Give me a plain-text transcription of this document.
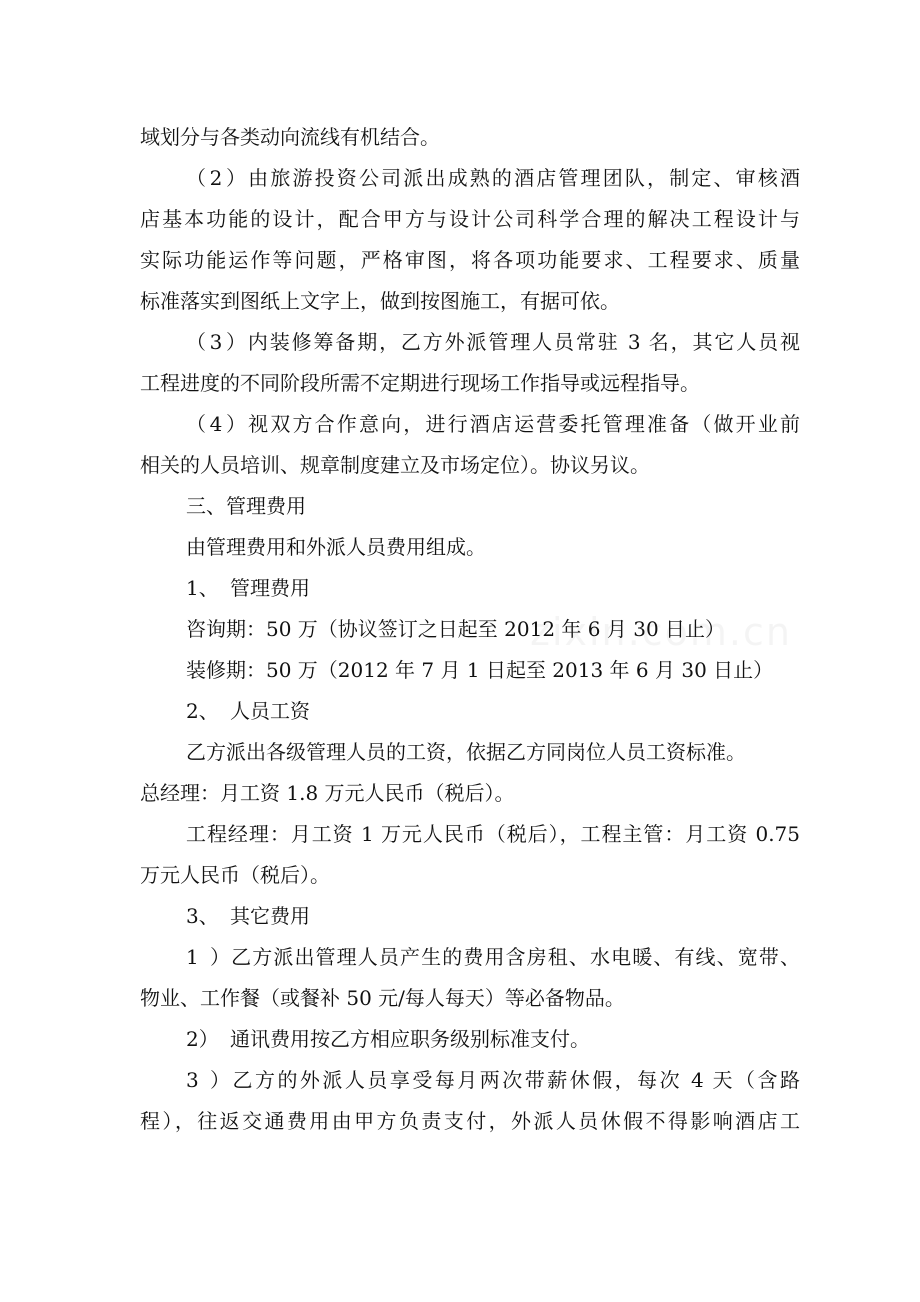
域划分与各类动向流线有机结合。
（2）由旅游投资公司派出成熟的酒店管理团队，制定、审核酒
店基本功能的设计，配合甲方与设计公司科学合理的解决工程设计与
实际功能运作等问题，严格审图，将各项功能要求、工程要求、质量
标准落实到图纸上文字上，做到按图施工，有据可依。
（3）内装修筹备期，乙方外派管理人员常驻 3 名，其它人员视
工程进度的不同阶段所需不定期进行现场工作指导或远程指导。
（4）视双方合作意向，进行酒店运营委托管理准备（做开业前
相关的人员培训、规章制度建立及市场定位）。协议另议。
三、管理费用
由管理费用和外派人员费用组成。
1、 管理费用
咨询期：50 万（协议签订之日起至 2012 年 6 月 30 日止）
装修期：50 万（2012 年 7 月 1 日起至 2013 年 6 月 30 日止）
2、 人员工资
乙方派出各级管理人员的工资，依据乙方同岗位人员工资标准。
总经理：月工资 1.8 万元人民币（税后）。
工程经理：月工资 1 万元人民币（税后），工程主管：月工资 0.75
万元人民币（税后）。
3、 其它费用
1）乙方派出管理人员产生的费用含房租、水电暖、有线、宽带、
物业、工作餐（或餐补 50 元/每人每天）等必备物品。
2） 通讯费用按乙方相应职务级别标准支付。
3）乙方的外派人员享受每月两次带薪休假，每次 4 天（含路
程），往返交通费用由甲方负责支付，外派人员休假不得影响酒店工
